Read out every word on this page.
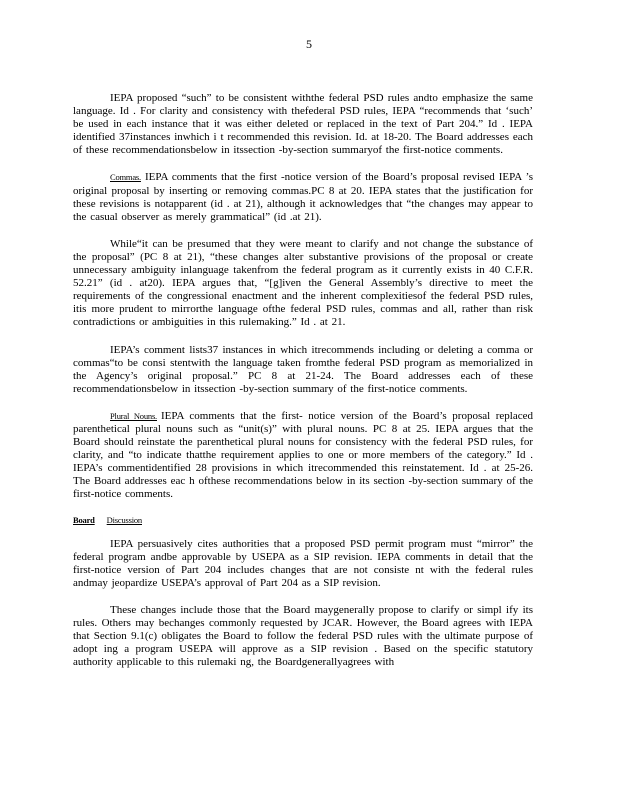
5

IEPA proposed “such” to be consistent withthe federal PSD rules andto emphasize the same language. Id . For clarity and consistency with thefederal PSD rules, IEPA “recommends that ‘such’ be used in each instance that it was either deleted or replaced in the text of Part 204.” Id . IEPA identified 37instances inwhich i t recommended this revision. Id. at 18-20. The Board addresses each of these recommendationsbelow in itssection -by-section summaryof the first-notice comments.

Commas. IEPA comments that the first -notice version of the Board’s proposal revised IEPA ’s original proposal by inserting or removing commas.PC 8 at 20. IEPA states that the justification for these revisions is notapparent (id . at 21), although it acknowledges that “the changes may appear to the casual observer as merely grammatical” (id .at 21).

While“it can be presumed that they were meant to clarify and not change the substance of the proposal” (PC 8 at 21), “these changes alter substantive provisions of the proposal or create unnecessary ambiguity inlanguage takenfrom the federal program as it currently exists in 40 C.F.R. 52.21” (id . at20). IEPA argues that, “[g]iven the General Assembly’s directive to meet the requirements of the congressional enactment and the inherent complexitiesof the federal PSD rules, itis more prudent to mirrorthe language ofthe federal PSD rules, commas and all, rather than risk contradictions or ambiguities in this rulemaking.” Id . at 21.

IEPA’s comment lists37 instances in which itrecommends including or deleting a comma or commas“to be consi stentwith the language taken fromthe federal PSD program as memorialized in the Agency’s original proposal.” PC 8 at 21-24. The Board addresses each of these recommendationsbelow in itssection -by-section summary of the first-notice comments.

Plural Nouns. IEPA comments that the first- notice version of the Board’s proposal replaced parenthetical plural nouns such as “unit(s)” with plural nouns. PC 8 at 25. IEPA argues that the Board should reinstate the parenthetical plural nouns for consistency with the federal PSD rules, for clarity, and “to indicate thatthe requirement applies to one or more members of the category.” Id . IEPA’s commentidentified 28 provisions in which itrecommended this reinstatement. Id . at 25-26. The Board addresses eac h ofthese recommendations below in its section -by-section summary of the first-notice comments.

Board Discussion

IEPA persuasively cites authorities that a proposed PSD permit program must “mirror” the federal program andbe approvable by USEPA as a SIP revision. IEPA comments in detail that the first-notice version of Part 204 includes changes that are not consiste nt with the federal rules andmay jeopardize USEPA’s approval of Part 204 as a SIP revision.

These changes include those that the Board maygenerally propose to clarify or simpl ify its rules. Others may bechanges commonly requested by JCAR. However, the Board agrees with IEPA that Section 9.1(c) obligates the Board to follow the federal PSD rules with the ultimate purpose of adopt ing a program USEPA will approve as a SIP revision . Based on the specific statutory authority applicable to this rulemaki ng, the Boardgenerallyagrees with
